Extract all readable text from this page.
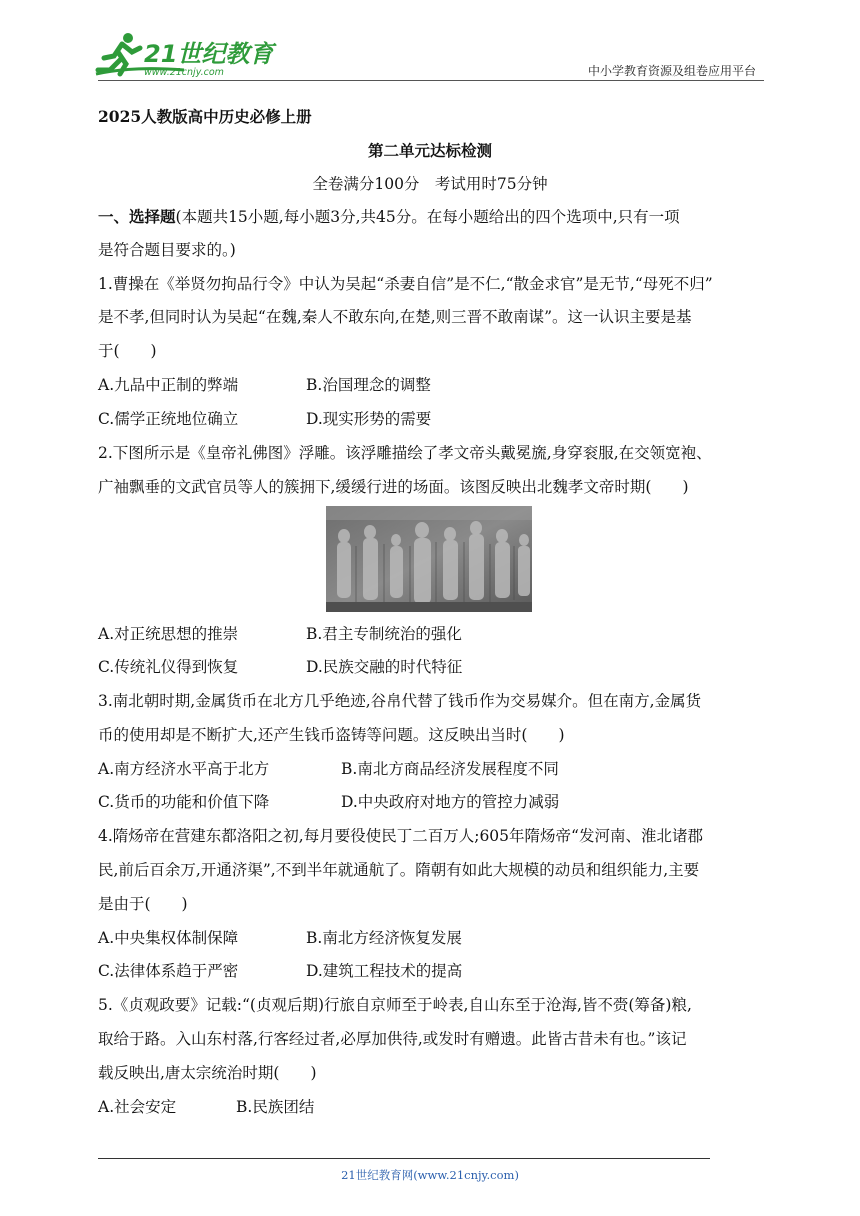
21世纪教育
www.21cnjy.com	中小学教育资源及组卷应用平台
2025人教版高中历史必修上册
第二单元达标检测
全卷满分100分　考试用时75分钟
一、选择题(本题共15小题,每小题3分,共45分。在每小题给出的四个选项中,只有一项
是符合题目要求的。)
1.曹操在《举贤勿拘品行令》中认为吴起“杀妻自信”是不仁,“散金求官”是无节,“母死不归”
是不孝,但同时认为吴起“在魏,秦人不敢东向,在楚,则三晋不敢南谋”。这一认识主要是基
于(　　)
A.九品中正制的弊端	B.治国理念的调整
C.儒学正统地位确立	D.现实形势的需要
2.下图所示是《皇帝礼佛图》浮雕。该浮雕描绘了孝文帝头戴冕旒,身穿衮服,在交领宽袍、
广袖飘垂的文武官员等人的簇拥下,缓缓行进的场面。该图反映出北魏孝文帝时期(　　)
A.对正统思想的推崇	B.君主专制统治的强化
C.传统礼仪得到恢复	D.民族交融的时代特征
3.南北朝时期,金属货币在北方几乎绝迹,谷帛代替了钱币作为交易媒介。但在南方,金属货
币的使用却是不断扩大,还产生钱币盗铸等问题。这反映出当时(　　)
A.南方经济水平高于北方	B.南北方商品经济发展程度不同
C.货币的功能和价值下降	D.中央政府对地方的管控力减弱
4.隋炀帝在营建东都洛阳之初,每月要役使民丁二百万人;605年隋炀帝“发河南、淮北诸郡
民,前后百余万,开通济渠”,不到半年就通航了。隋朝有如此大规模的动员和组织能力,主要
是由于(　　)
A.中央集权体制保障	B.南北方经济恢复发展
C.法律体系趋于严密	D.建筑工程技术的提高
5.《贞观政要》记载:“(贞观后期)行旅自京师至于岭表,自山东至于沧海,皆不赍(筹备)粮,
取给于路。入山东村落,行客经过者,必厚加供待,或发时有赠遗。此皆古昔未有也。”该记
载反映出,唐太宗统治时期(　　)
A.社会安定	B.民族团结
21世纪教育网(www.21cnjy.com)
